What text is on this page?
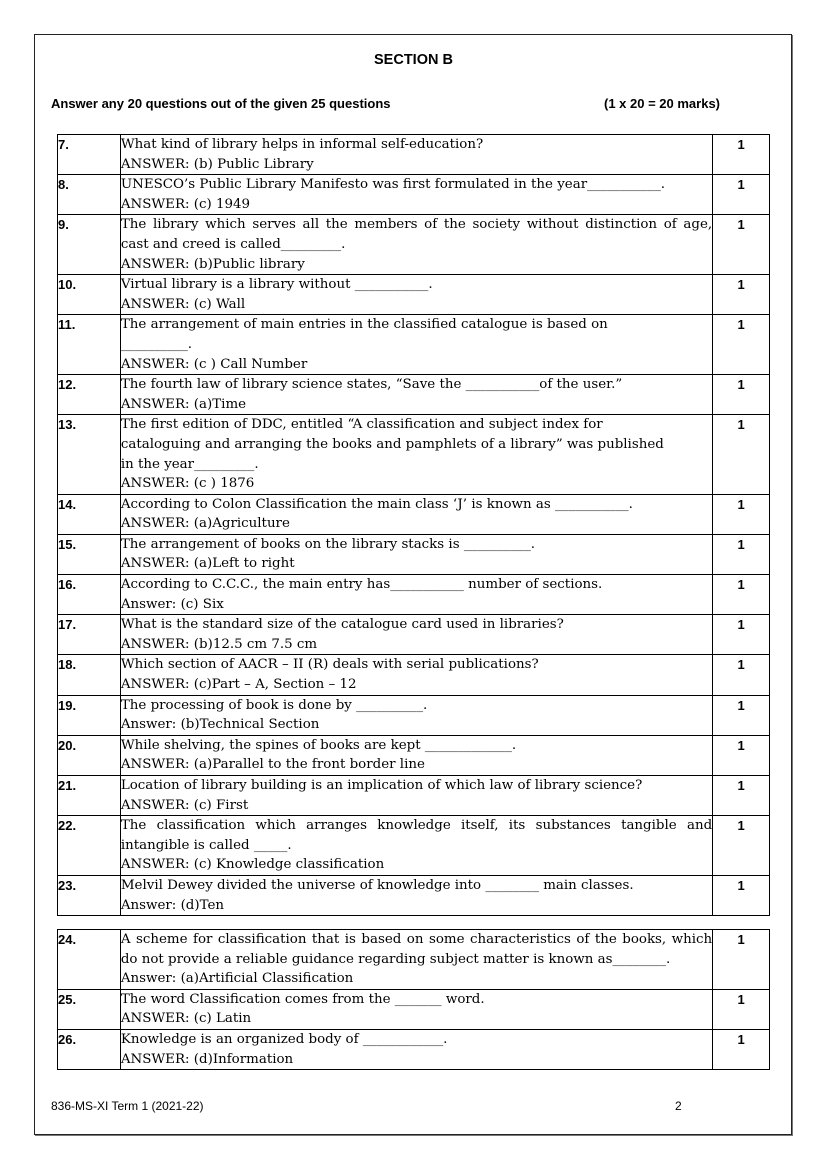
SECTION B
Answer any 20 questions out of the given 25 questions	(1 x 20 = 20 marks)
7.	What kind of library helps in informal self-education?
ANSWER: (b) Public Library	1
8.	UNESCO’s Public Library Manifesto was first formulated in the year___________.
ANSWER: (c) 1949	1
9.	The library which serves all the members of the society without distinction of age, cast and creed is called_________.
ANSWER: (b)Public library	1
10.	Virtual library is a library without ___________.
ANSWER: (c) Wall	1
11.	The arrangement of main entries in the classified catalogue is based on
__________.
ANSWER: (c ) Call Number	1
12.	The fourth law of library science states, “Save the ___________of the user.”
ANSWER: (a)Time	1
13.	The first edition of DDC, entitled “A classification and subject index for
cataloguing and arranging the books and pamphlets of a library” was published
in the year_________.
ANSWER: (c ) 1876	1
14.	According to Colon Classification the main class ‘J’ is known as ___________.
ANSWER: (a)Agriculture	1
15.	The arrangement of books on the library stacks is __________.
ANSWER: (a)Left to right	1
16.	According to C.C.C., the main entry has___________ number of sections.
Answer: (c) Six	1
17.	What is the standard size of the catalogue card used in libraries?
ANSWER: (b)12.5 cm 7.5 cm	1
18.	Which section of AACR – II (R) deals with serial publications?
ANSWER: (c)Part – A, Section – 12	1
19.	The processing of book is done by __________.
Answer: (b)Technical Section	1
20.	While shelving, the spines of books are kept _____________.
ANSWER: (a)Parallel to the front border line	1
21.	Location of library building is an implication of which law of library science?
ANSWER: (c) First	1
22.	The classification which arranges knowledge itself, its substances tangible and intangible is called _____.
ANSWER: (c) Knowledge classification	1
23.	Melvil Dewey divided the universe of knowledge into ________ main classes.
Answer: (d)Ten	1
24.	A scheme for classification that is based on some characteristics of the books, which do not provide a reliable guidance regarding subject matter is known as________.
Answer: (a)Artificial Classification	1
25.	The word Classification comes from the _______ word.
ANSWER: (c) Latin	1
26.	Knowledge is an organized body of ____________.
ANSWER: (d)Information	1
836-MS-XI Term 1 (2021-22)	2
